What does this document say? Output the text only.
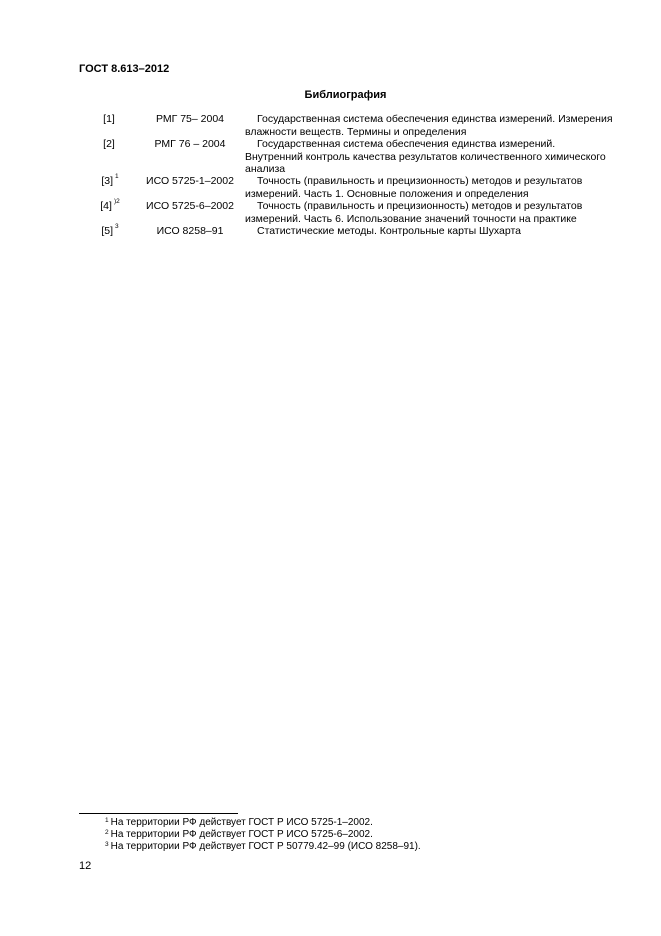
ГОСТ 8.613–2012
Библиография
[1]	РМГ 75– 2004	Государственная система обеспечения единства измерений. Измерения влажности веществ. Термины и определения
[2]	РМГ 76 – 2004	Государственная система обеспечения единства измерений. Внутренний контроль качества результатов количественного химического анализа
[3] $^1$	ИСО 5725-1–2002	Точность (правильность и прецизионность) методов и результатов измерений. Часть 1. Основные положения и определения
[4] $^{)2}$	ИСО 5725-6–2002	Точность (правильность и прецизионность) методов и результатов измерений. Часть 6. Использование значений точности на практике
[5] $^3$	ИСО 8258–91	Статистические методы. Контрольные карты Шухарта
$^1$ На территории РФ действует ГОСТ Р ИСО 5725-1–2002.
$^2$ На территории РФ действует ГОСТ Р ИСО 5725-6–2002.
$^3$ На территории РФ действует ГОСТ Р 50779.42–99 (ИСО 8258–91).
12
